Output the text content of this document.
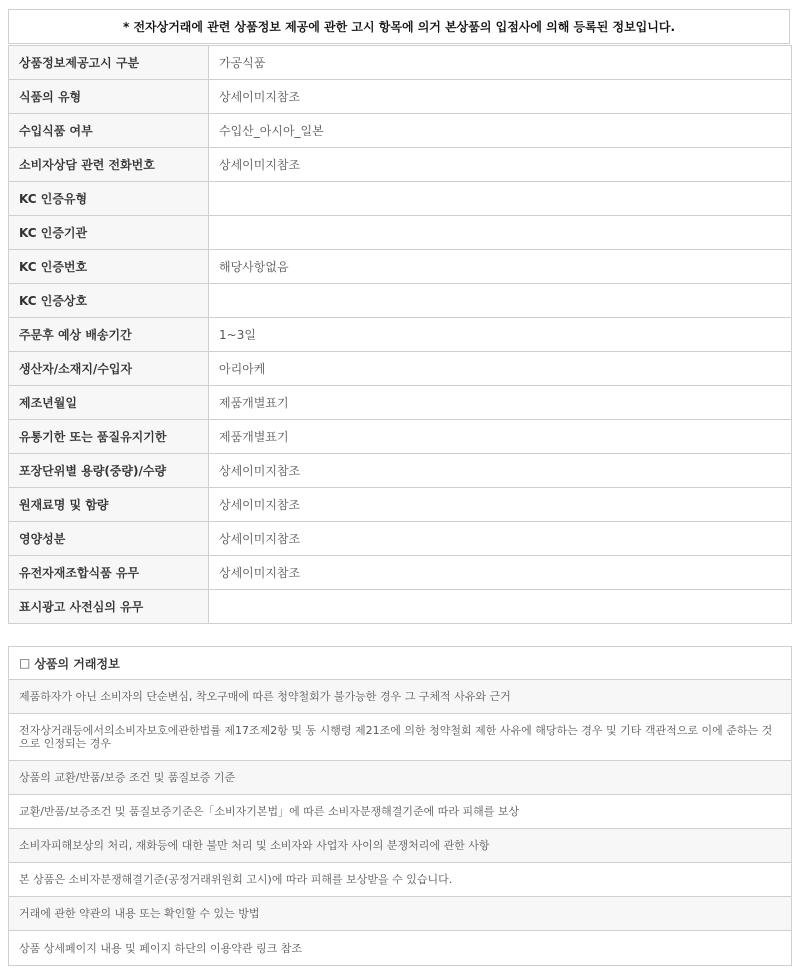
* 전자상거래에 관련 상품정보 제공에 관한 고시 항목에 의거 본상품의 입점사에 의해 등록된 정보입니다.
상품정보제공고시 구분	가공식품
식품의 유형	상세이미지참조
수입식품 여부	수입산_아시아_일본
소비자상담 관련 전화번호	상세이미지참조
KC 인증유형	
KC 인증기관	
KC 인증번호	해당사항없음
KC 인증상호	
주문후 예상 배송기간	1~3일
생산자/소재지/수입자	아리아케
제조년월일	제품개별표기
유통기한 또는 품질유지기한	제품개별표기
포장단위별 용량(중량)/수량	상세이미지참조
원재료명 및 함량	상세이미지참조
영양성분	상세이미지참조
유전자재조합식품 유무	상세이미지참조
표시광고 사전심의 유무	
□ 상품의 거래정보
제품하자가 아닌 소비자의 단순변심, 착오구매에 따른 청약철회가 불가능한 경우 그 구체적 사유와 근거
전자상거래등에서의소비자보호에관한법률 제17조제2항 및 동 시행령 제21조에 의한 청약철회 제한 사유에 해당하는 경우 및 기타 객관적으로 이에 준하는 것으로 인정되는 경우
상품의 교환/반품/보증 조건 및 품질보증 기준
교환/반품/보증조건 및 품질보증기준은「소비자기본법」에 따른 소비자분쟁해결기준에 따라 피해를 보상
소비자피해보상의 처리, 재화등에 대한 불만 처리 및 소비자와 사업자 사이의 분쟁처리에 관한 사항
본 상품은 소비자분쟁해결기준(공정거래위원회 고시)에 따라 피해를 보상받을 수 있습니다.
거래에 관한 약관의 내용 또는 확인할 수 있는 방법
상품 상세페이지 내용 및 페이지 하단의 이용약관 링크 참조
